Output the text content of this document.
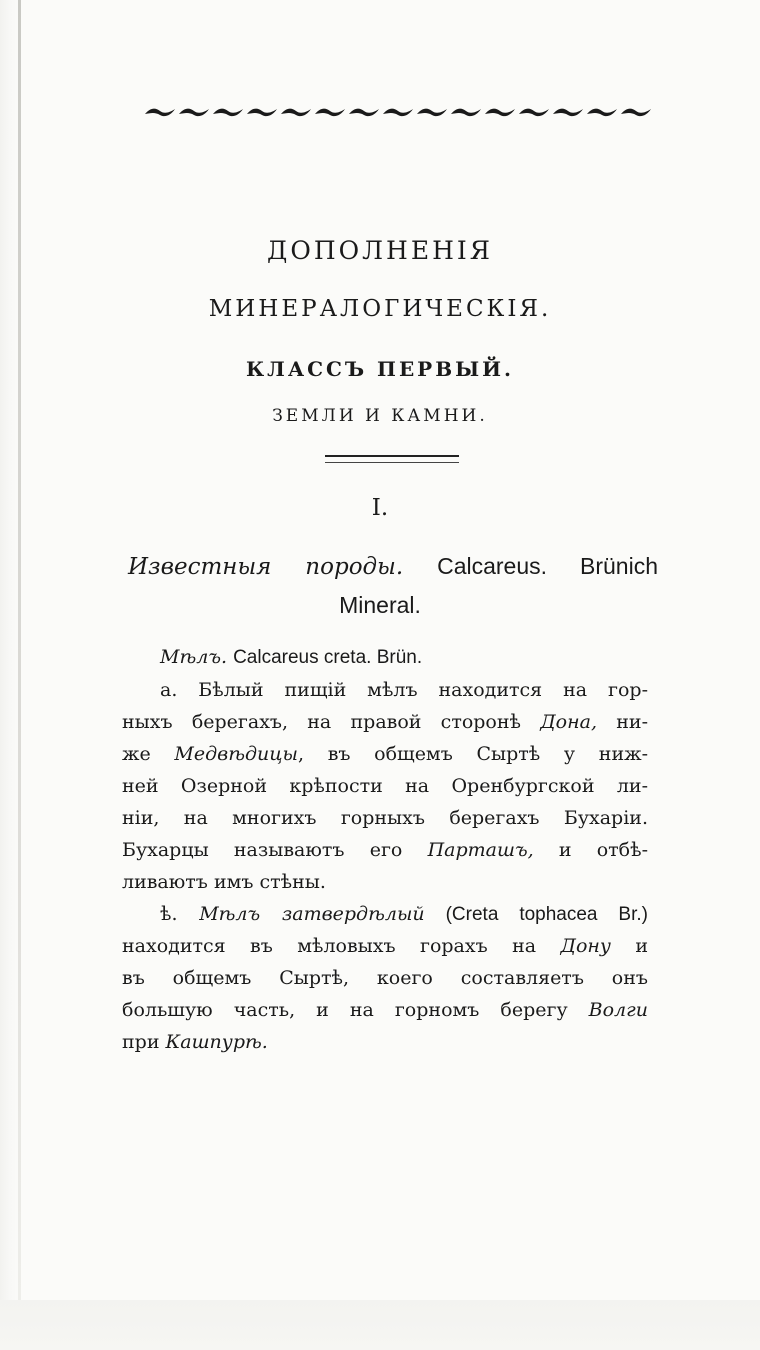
ДОПОЛНЕНІЯ
МИНЕРАЛОГИЧЕСКІЯ.
КЛАССЪ ПЕРВЫЙ.
ЗЕМЛИ И КАМНИ.
I.
Известныя породы. Calcareus. Brünich
Mineral.
Мѣлъ. Calcareus creta. Brün.
а. Бѣлый пищій мѣлъ находится на гор-
ныхъ берегахъ, на правой сторонѣ Дона, ни-
же Медвѣдицы, въ общемъ Сыртѣ у ниж-
ней Озерной крѣпости на Оренбургской ли-
ніи, на многихъ горныхъ берегахъ Бухаріи.
Бухарцы называютъ его Парташъ, и отбѣ-
ливаютъ имъ стѣны.
ѣ. Мѣлъ затвердѣлый (Creta tophacea Br.)
находится въ мѣловыхъ горахъ на Дону и
въ общемъ Сыртѣ, коего составляетъ онъ
большую часть, и на горномъ берегу Волги
при Кашпурѣ.
